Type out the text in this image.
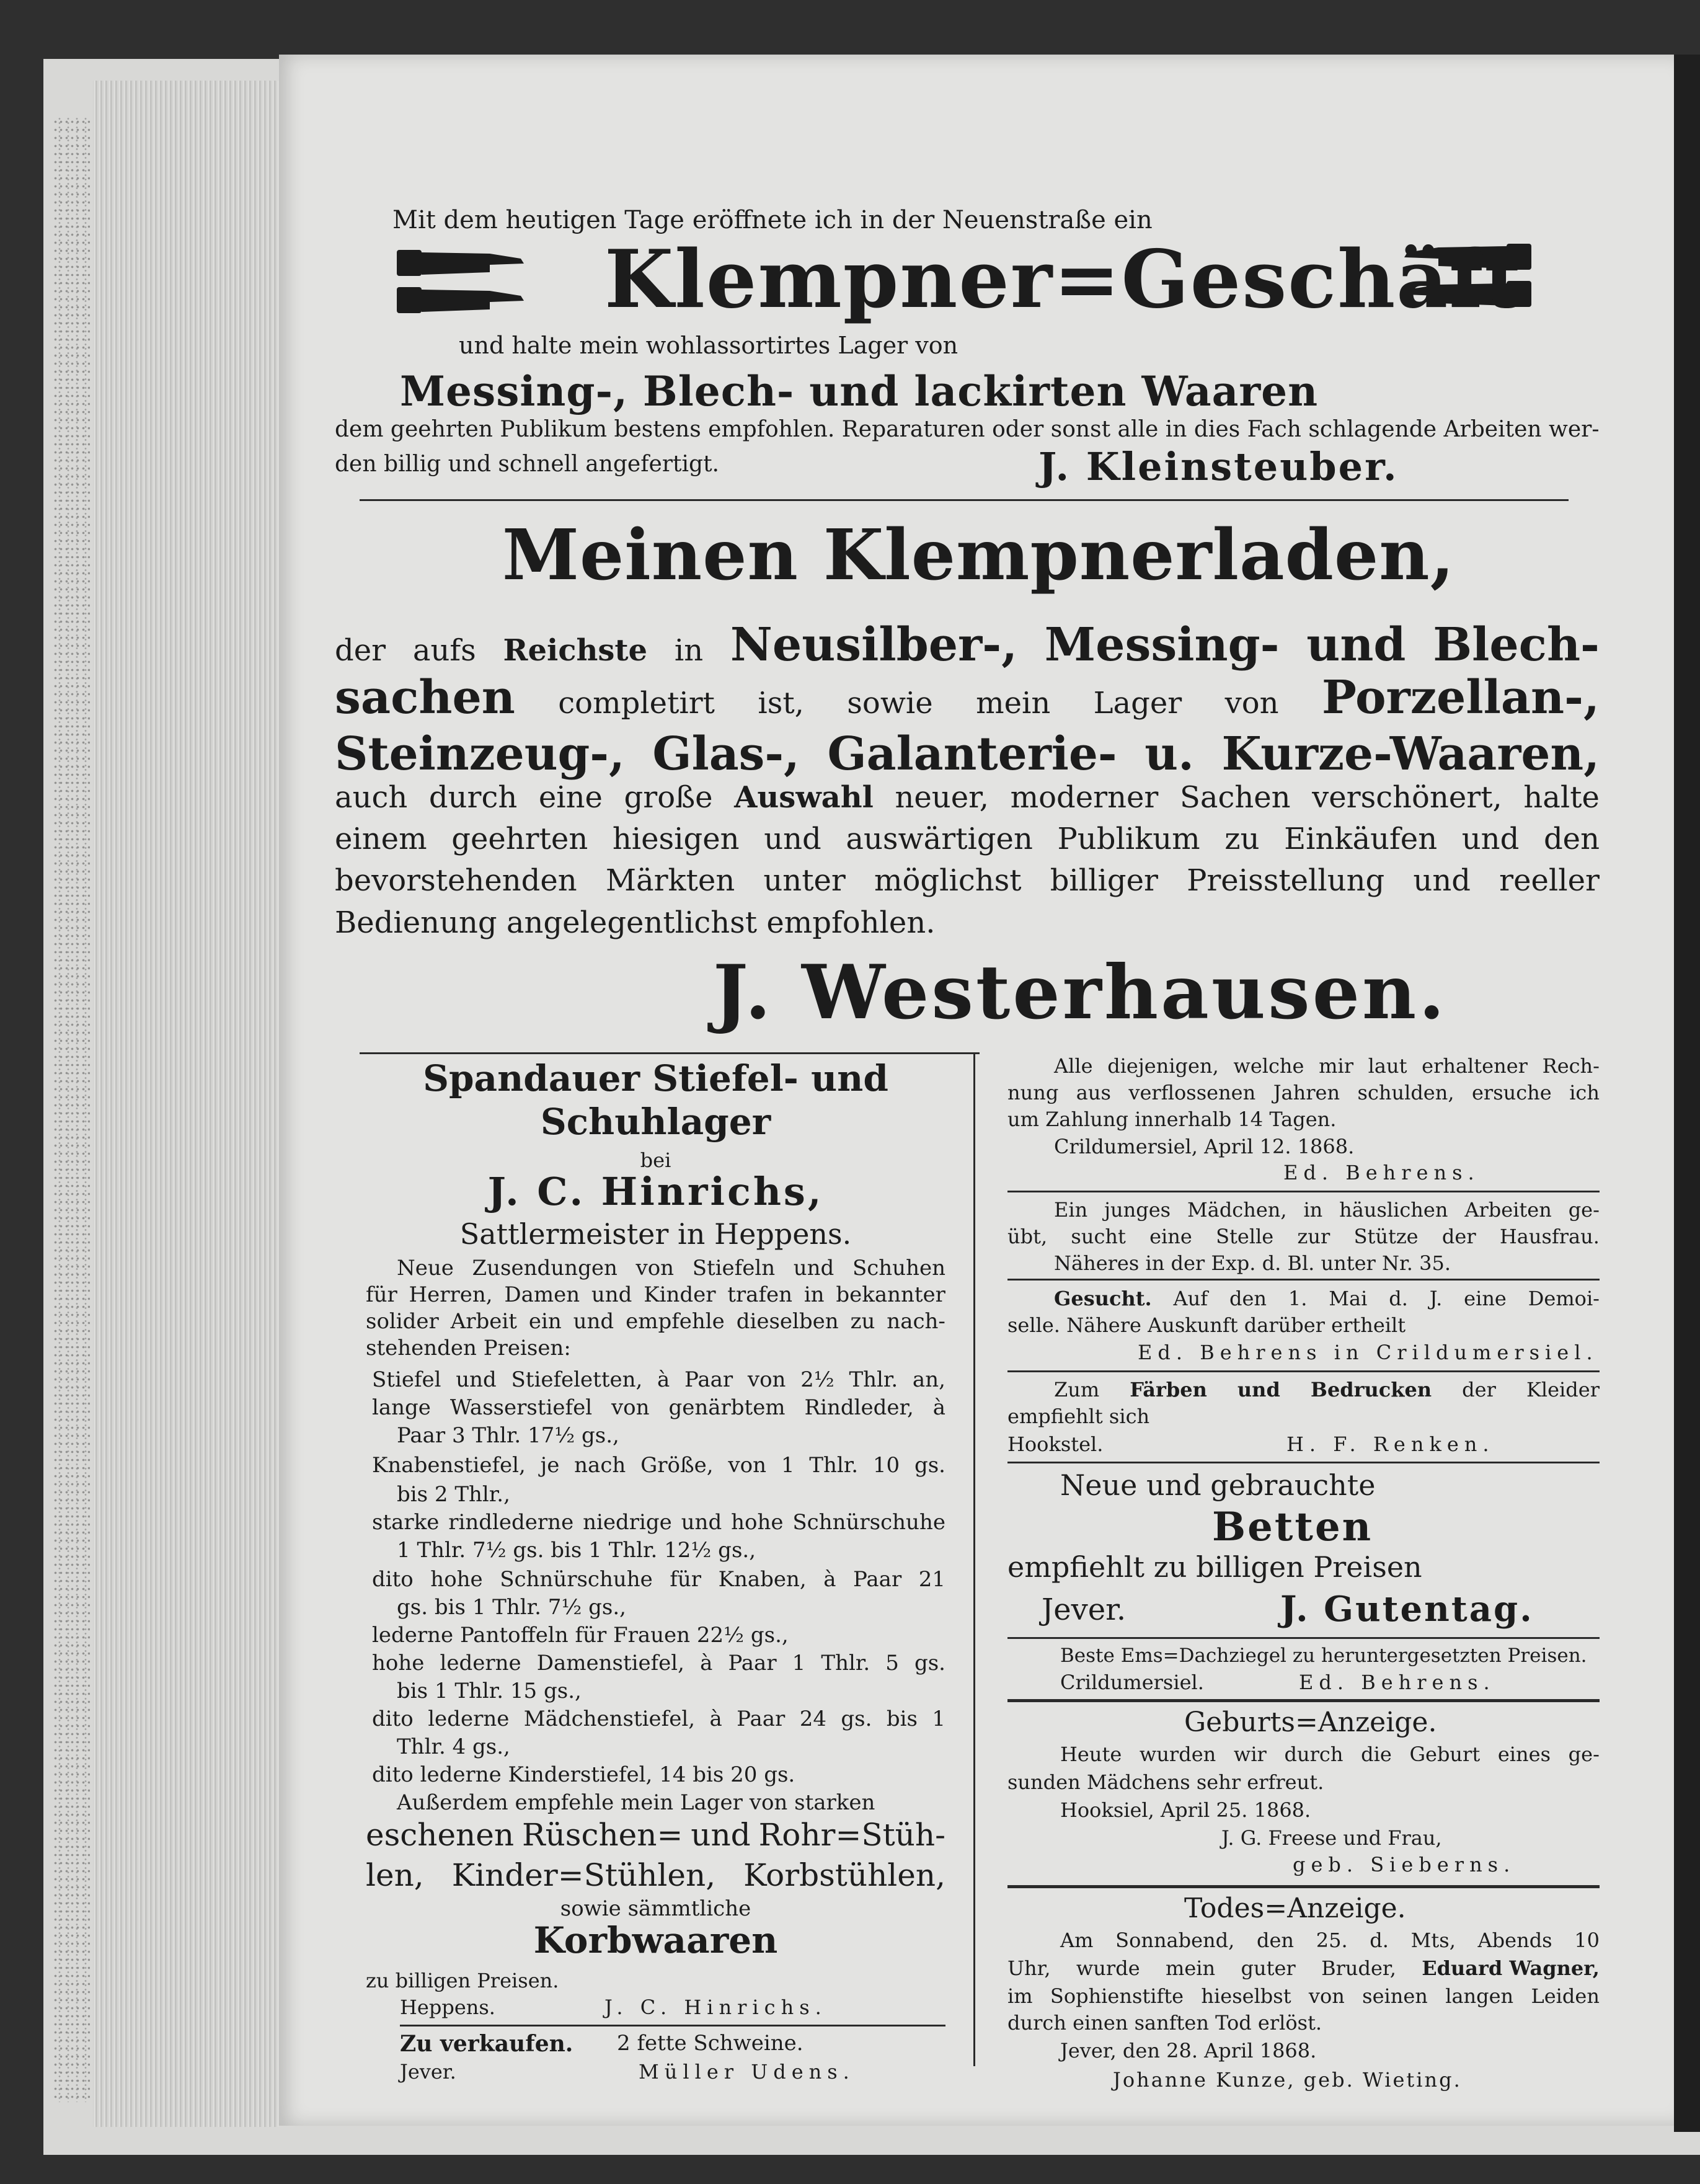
Mit dem heutigen Tage eröffnete ich in der Neuenstraße ein
Klempner=Geschäft
und halte mein wohlassortirtes Lager von
Messing-, Blech- und lackirten Waaren
dem geehrten Publikum bestens empfohlen. Reparaturen oder sonst alle in dies Fach schlagende Arbeiten wer-
den billig und schnell angefertigt.	J. Kleinsteuber.
Meinen Klempnerladen,
der aufs Reichste in Neusilber-, Messing- und Blech-
sachen completirt ist, sowie mein Lager von Porzellan-,
Steinzeug-, Glas-, Galanterie- u. Kurze-Waaren,
auch durch eine große Auswahl neuer, moderner Sachen verschönert, halte
einem geehrten hiesigen und auswärtigen Publikum zu Einkäufen und den
bevorstehenden Märkten unter möglichst billiger Preisstellung und reeller
Bedienung angelegentlichst empfohlen.
J. Westerhausen.
Spandauer Stiefel- und
Schuhlager
bei
J. C. Hinrichs,
Sattlermeister in Heppens.
Neue Zusendungen von Stiefeln und Schuhen
für Herren, Damen und Kinder trafen in bekannter
solider Arbeit ein und empfehle dieselben zu nach-
stehenden Preisen:
Stiefel und Stiefeletten, à Paar von 2½ Thlr. an,
lange Wasserstiefel von genärbtem Rindleder, à
Paar 3 Thlr. 17½ gs.,
Knabenstiefel, je nach Größe, von 1 Thlr. 10 gs.
bis 2 Thlr.,
starke rindlederne niedrige und hohe Schnürschuhe
1 Thlr. 7½ gs. bis 1 Thlr. 12½ gs.,
dito hohe Schnürschuhe für Knaben, à Paar 21
gs. bis 1 Thlr. 7½ gs.,
lederne Pantoffeln für Frauen 22½ gs.,
hohe lederne Damenstiefel, à Paar 1 Thlr. 5 gs.
bis 1 Thlr. 15 gs.,
dito lederne Mädchenstiefel, à Paar 24 gs. bis 1
Thlr. 4 gs.,
dito lederne Kinderstiefel, 14 bis 20 gs.
Außerdem empfehle mein Lager von starken
eschenen Rüschen= und Rohr=Stüh-
len, Kinder=Stühlen, Korbstühlen,
sowie sämmtliche
Korbwaaren
zu billigen Preisen.
Heppens.	J. C. Hinrichs.
Zu verkaufen. 2 fette Schweine.
Jever.	Müller Udens.
Alle diejenigen, welche mir laut erhaltener Rech-
nung aus verflossenen Jahren schulden, ersuche ich
um Zahlung innerhalb 14 Tagen.
Crildumersiel, April 12. 1868.
Ed. Behrens.
Ein junges Mädchen, in häuslichen Arbeiten ge-
übt, sucht eine Stelle zur Stütze der Hausfrau.
Näheres in der Exp. d. Bl. unter Nr. 35.
Gesucht. Auf den 1. Mai d. J. eine Demoi-
selle. Nähere Auskunft darüber ertheilt
Ed. Behrens in Crildumersiel.
Zum Färben und Bedrucken der Kleider
empfiehlt sich
Hookstel.	H. F. Renken.
Neue und gebrauchte
Betten
empfiehlt zu billigen Preisen
Jever.	J. Gutentag.
Beste Ems=Dachziegel zu heruntergesetzten Preisen.
Crildumersiel.	Ed. Behrens.
Geburts=Anzeige.
Heute wurden wir durch die Geburt eines ge-
sunden Mädchens sehr erfreut.
Hooksiel, April 25. 1868.
J. G. Freese und Frau,
geb. Sieberns.
Todes=Anzeige.
Am Sonnabend, den 25. d. Mts, Abends 10
Uhr, wurde mein guter Bruder, Eduard Wagner,
im Sophienstifte hieselbst von seinen langen Leiden
durch einen sanften Tod erlöst.
Jever, den 28. April 1868.
Johanne Kunze, geb. Wieting.
